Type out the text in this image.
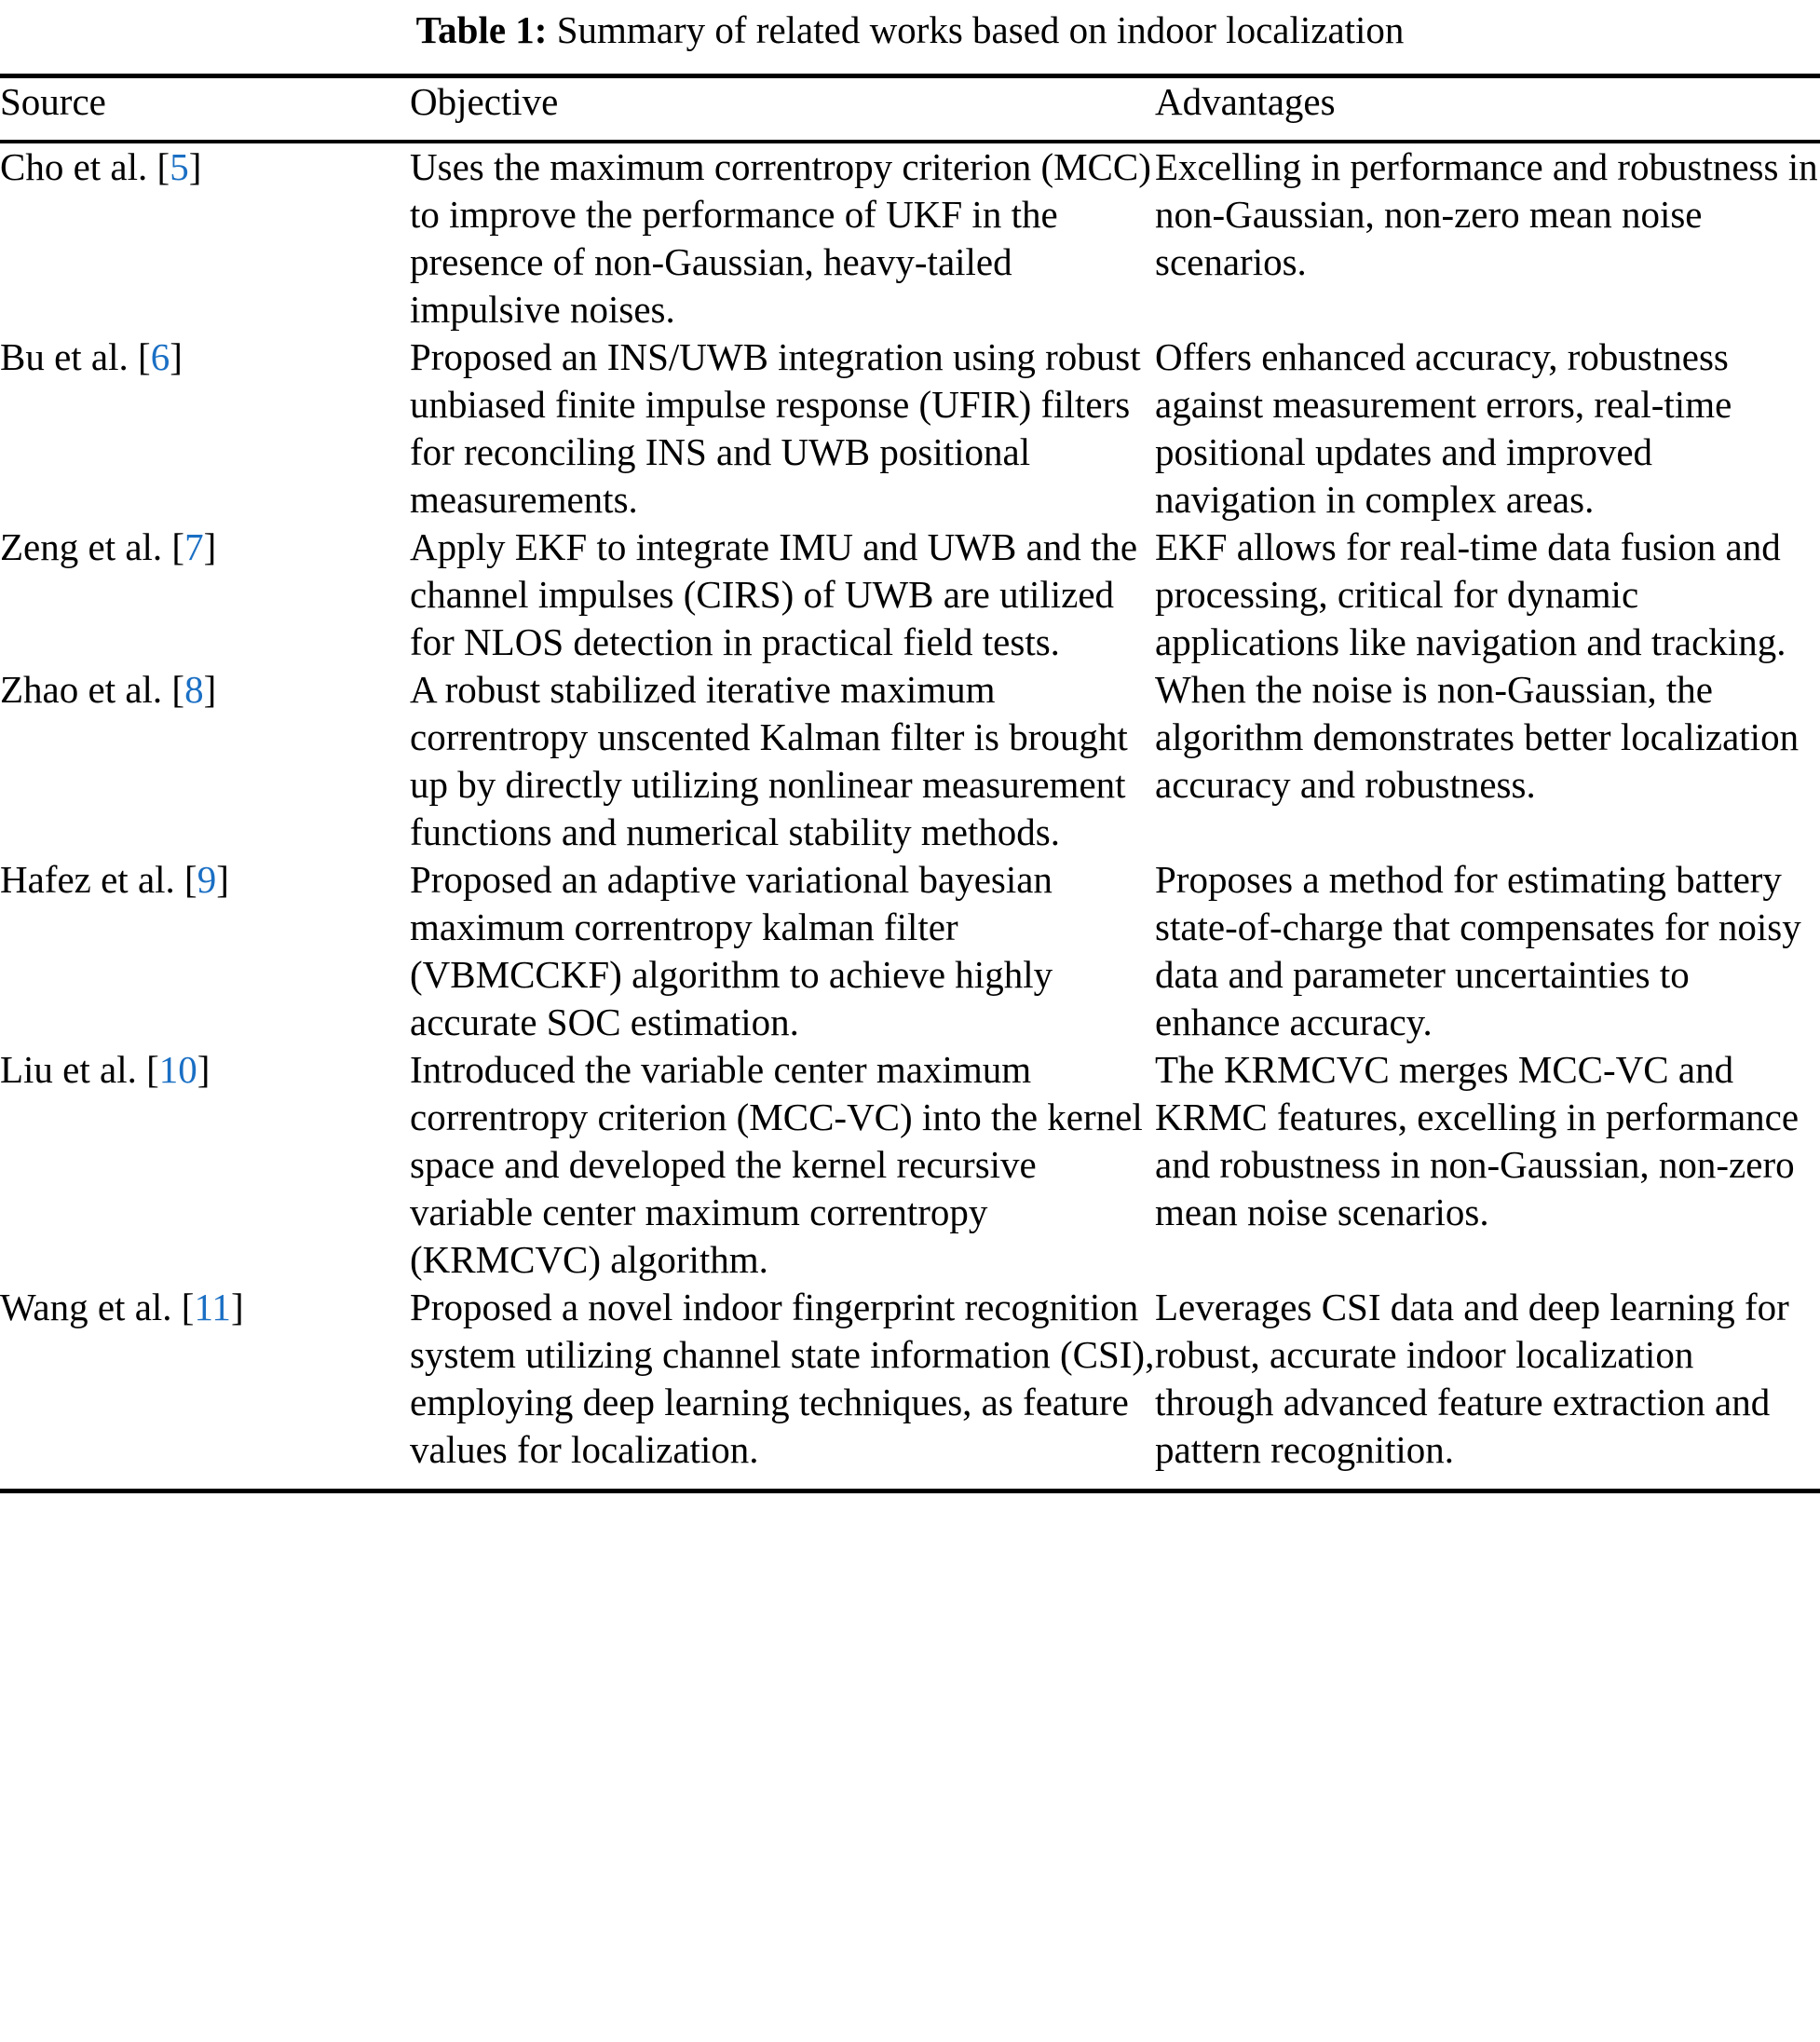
Table 1: Summary of related works based on indoor localization
Source	Objective	Advantages
Cho et al. [5]	Uses the maximum correntropy criterion (MCC) to improve the performance of UKF in the presence of non-Gaussian, heavy-tailed impulsive noises.	Excelling in performance and robustness in non-Gaussian, non-zero mean noise scenarios.
Bu et al. [6]	Proposed an INS/UWB integration using robust unbiased finite impulse response (UFIR) filters for reconciling INS and UWB positional measurements.	Offers enhanced accuracy, robustness against measurement errors, real-time positional updates and improved navigation in complex areas.
Zeng et al. [7]	Apply EKF to integrate IMU and UWB and the channel impulses (CIRS) of UWB are utilized for NLOS detection in practical field tests.	EKF allows for real-time data fusion and processing, critical for dynamic applications like navigation and tracking.
Zhao et al. [8]	A robust stabilized iterative maximum correntropy unscented Kalman filter is brought up by directly utilizing nonlinear measurement functions and numerical stability methods.	When the noise is non-Gaussian, the algorithm demonstrates better localization accuracy and robustness.
Hafez et al. [9]	Proposed an adaptive variational bayesian maximum correntropy kalman filter (VBMCCKF) algorithm to achieve highly accurate SOC estimation.	Proposes a method for estimating battery state-of-charge that compensates for noisy data and parameter uncertainties to enhance accuracy.
Liu et al. [10]	Introduced the variable center maximum correntropy criterion (MCC-VC) into the kernel space and developed the kernel recursive variable center maximum correntropy (KRMCVC) algorithm.	The KRMCVC merges MCC-VC and KRMC features, excelling in performance and robustness in non-Gaussian, non-zero mean noise scenarios.
Wang et al. [11]	Proposed a novel indoor fingerprint recognition system utilizing channel state information (CSI), employing deep learning techniques, as feature values for localization.	Leverages CSI data and deep learning for robust, accurate indoor localization through advanced feature extraction and pattern recognition.
